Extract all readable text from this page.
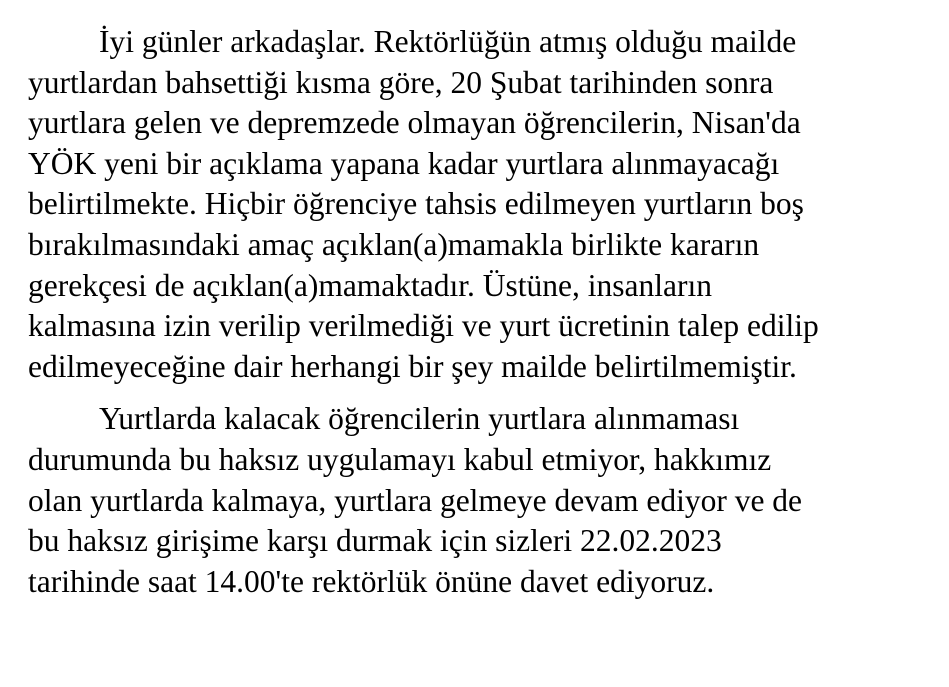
İyi günler arkadaşlar. Rektörlüğün atmış olduğu mailde
yurtlardan bahsettiği kısma göre, 20 Şubat tarihinden sonra
yurtlara gelen ve depremzede olmayan öğrencilerin, Nisan'da
YÖK yeni bir açıklama yapana kadar yurtlara alınmayacağı
belirtilmekte. Hiçbir öğrenciye tahsis edilmeyen yurtların boş
bırakılmasındaki amaç açıklan(a)mamakla birlikte kararın
gerekçesi de açıklan(a)mamaktadır. Üstüne, insanların
kalmasına izin verilip verilmediği ve yurt ücretinin talep edilip
edilmeyeceğine dair herhangi bir şey mailde belirtilmemiştir.

Yurtlarda kalacak öğrencilerin yurtlara alınmaması
durumunda bu haksız uygulamayı kabul etmiyor, hakkımız
olan yurtlarda kalmaya, yurtlara gelmeye devam ediyor ve de
bu haksız girişime karşı durmak için sizleri 22.02.2023
tarihinde saat 14.00'te rektörlük önüne davet ediyoruz.
